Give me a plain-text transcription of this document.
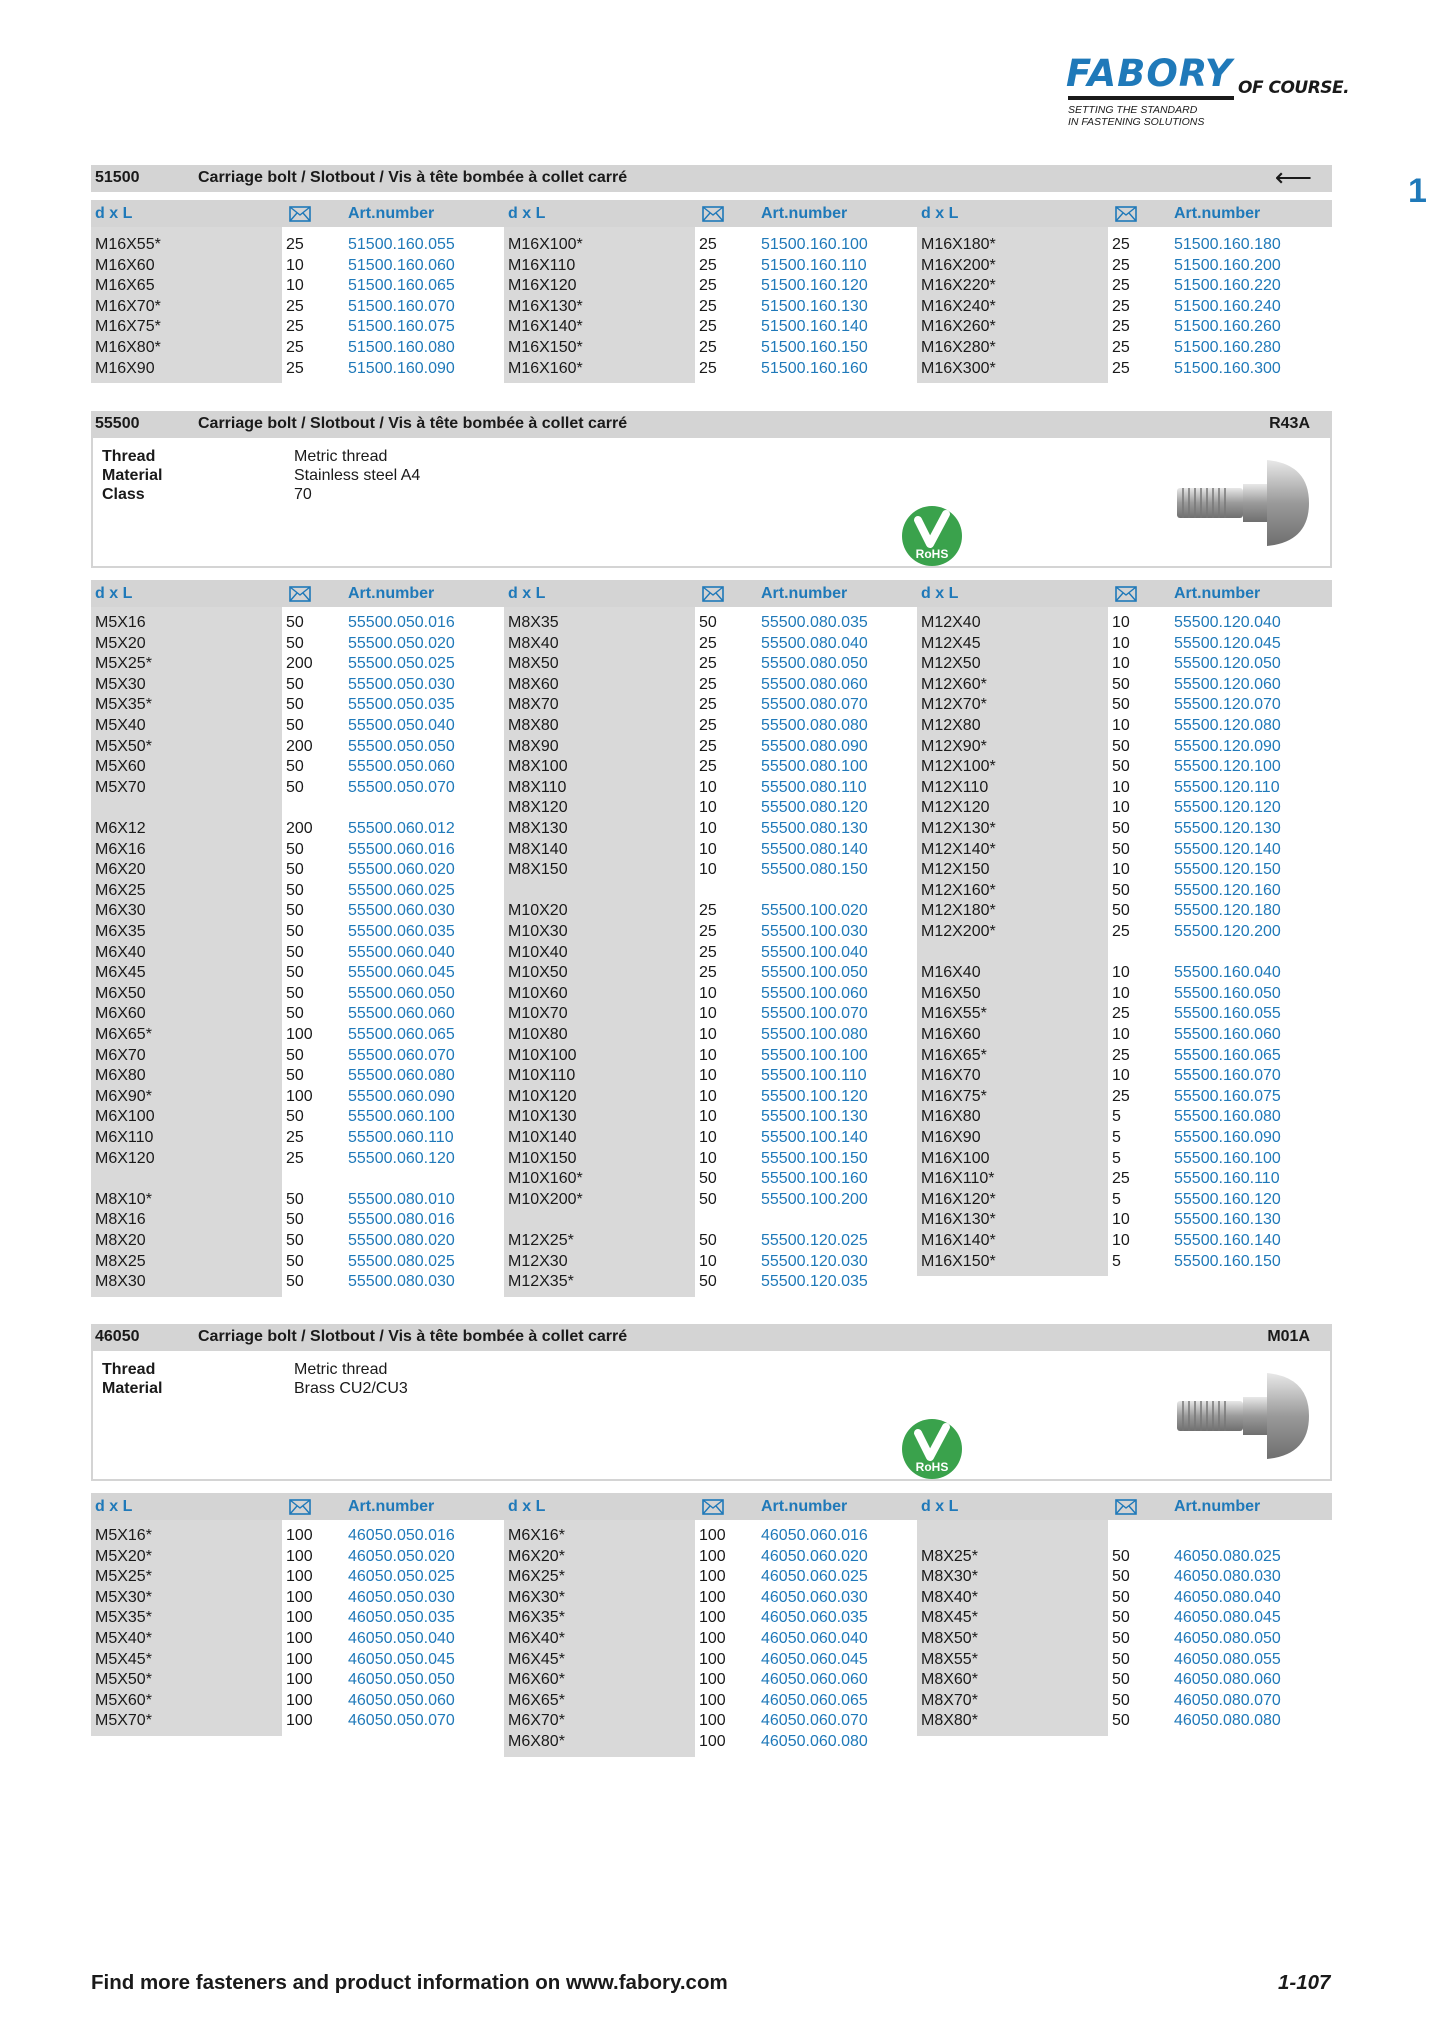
FABORY OF COURSE.
SETTING THE STANDARD
IN FASTENING SOLUTIONS
1
51500	Carriage bolt / Slotbout / Vis à tête bombée à collet carré	⟵
d x L	Art.number	d x L	Art.number	d x L	Art.number
M16X55*	25	51500.160.055
M16X60	10	51500.160.060
M16X65	10	51500.160.065
M16X70*	25	51500.160.070
M16X75*	25	51500.160.075
M16X80*	25	51500.160.080
M16X90	25	51500.160.090
M16X100*	25	51500.160.100
M16X110	25	51500.160.110
M16X120	25	51500.160.120
M16X130*	25	51500.160.130
M16X140*	25	51500.160.140
M16X150*	25	51500.160.150
M16X160*	25	51500.160.160
M16X180*	25	51500.160.180
M16X200*	25	51500.160.200
M16X220*	25	51500.160.220
M16X240*	25	51500.160.240
M16X260*	25	51500.160.260
M16X280*	25	51500.160.280
M16X300*	25	51500.160.300
55500	Carriage bolt / Slotbout / Vis à tête bombée à collet carré	R43A
Thread	Metric thread
Material	Stainless steel A4
Class	70
RoHS
d x L	Art.number	d x L	Art.number	d x L	Art.number
M5X16	50	55500.050.016
M5X20	50	55500.050.020
M5X25*	200 55500.050.025
M5X30	50	55500.050.030
M5X35*	50	55500.050.035
M5X40	50	55500.050.040
M5X50*	200 55500.050.050
M5X60	50	55500.050.060
M5X70	50	55500.050.070
M6X12	200 55500.060.012
M6X16	50	55500.060.016
M6X20	50	55500.060.020
M6X25	50	55500.060.025
M6X30	50	55500.060.030
M6X35	50	55500.060.035
M6X40	50	55500.060.040
M6X45	50	55500.060.045
M6X50	50	55500.060.050
M6X60	50	55500.060.060
M6X65*	100 55500.060.065
M6X70	50	55500.060.070
M6X80	50	55500.060.080
M6X90*	100 55500.060.090
M6X100	50	55500.060.100
M6X110	25	55500.060.110
M6X120	25	55500.060.120
M8X10*	50	55500.080.010
M8X16	50	55500.080.016
M8X20	50	55500.080.020
M8X25	50	55500.080.025
M8X30	50	55500.080.030
M8X35	50	55500.080.035
M8X40	25	55500.080.040
M8X50	25	55500.080.050
M8X60	25	55500.080.060
M8X70	25	55500.080.070
M8X80	25	55500.080.080
M8X90	25	55500.080.090
M8X100	25	55500.080.100
M8X110	10	55500.080.110
M8X120	10	55500.080.120
M8X130	10	55500.080.130
M8X140	10	55500.080.140
M8X150	10	55500.080.150
M10X20	25	55500.100.020
M10X30	25	55500.100.030
M10X40	25	55500.100.040
M10X50	25	55500.100.050
M10X60	10	55500.100.060
M10X70	10	55500.100.070
M10X80	10	55500.100.080
M10X100	10	55500.100.100
M10X110	10	55500.100.110
M10X120	10	55500.100.120
M10X130	10	55500.100.130
M10X140	10	55500.100.140
M10X150	10	55500.100.150
M10X160*	50	55500.100.160
M10X200*	50	55500.100.200
M12X25*	50	55500.120.025
M12X30	10	55500.120.030
M12X35*	50	55500.120.035
M12X40	10	55500.120.040
M12X45	10	55500.120.045
M12X50	10	55500.120.050
M12X60*	50	55500.120.060
M12X70*	50	55500.120.070
M12X80	10	55500.120.080
M12X90*	50	55500.120.090
M12X100*	50	55500.120.100
M12X110	10	55500.120.110
M12X120	10	55500.120.120
M12X130*	50	55500.120.130
M12X140*	50	55500.120.140
M12X150	10	55500.120.150
M12X160*	50	55500.120.160
M12X180*	50	55500.120.180
M12X200*	25	55500.120.200
M16X40	10	55500.160.040
M16X50	10	55500.160.050
M16X55*	25	55500.160.055
M16X60	10	55500.160.060
M16X65*	25	55500.160.065
M16X70	10	55500.160.070
M16X75*	25	55500.160.075
M16X80	5	55500.160.080
M16X90	5	55500.160.090
M16X100	5	55500.160.100
M16X110*	25	55500.160.110
M16X120*	5	55500.160.120
M16X130*	10	55500.160.130
M16X140*	10	55500.160.140
M16X150*	5	55500.160.150
46050	Carriage bolt / Slotbout / Vis à tête bombée à collet carré	M01A
Thread	Metric thread
Material	Brass CU2/CU3
RoHS
d x L	Art.number	d x L	Art.number	d x L	Art.number
M5X16*	100 46050.050.016
M5X20*	100 46050.050.020
M5X25*	100 46050.050.025
M5X30*	100 46050.050.030
M5X35*	100 46050.050.035
M5X40*	100 46050.050.040
M5X45*	100 46050.050.045
M5X50*	100 46050.050.050
M5X60*	100 46050.050.060
M5X70*	100 46050.050.070
M6X16*	100 46050.060.016
M6X20*	100 46050.060.020
M6X25*	100 46050.060.025
M6X30*	100 46050.060.030
M6X35*	100 46050.060.035
M6X40*	100 46050.060.040
M6X45*	100 46050.060.045
M6X60*	100 46050.060.060
M6X65*	100 46050.060.065
M6X70*	100 46050.060.070
M6X80*	100 46050.060.080
M8X25*	50	46050.080.025
M8X30*	50	46050.080.030
M8X40*	50	46050.080.040
M8X45*	50	46050.080.045
M8X50*	50	46050.080.050
M8X55*	50	46050.080.055
M8X60*	50	46050.080.060
M8X70*	50	46050.080.070
M8X80*	50	46050.080.080
Find more fasteners and product information on www.fabory.com	1-107
